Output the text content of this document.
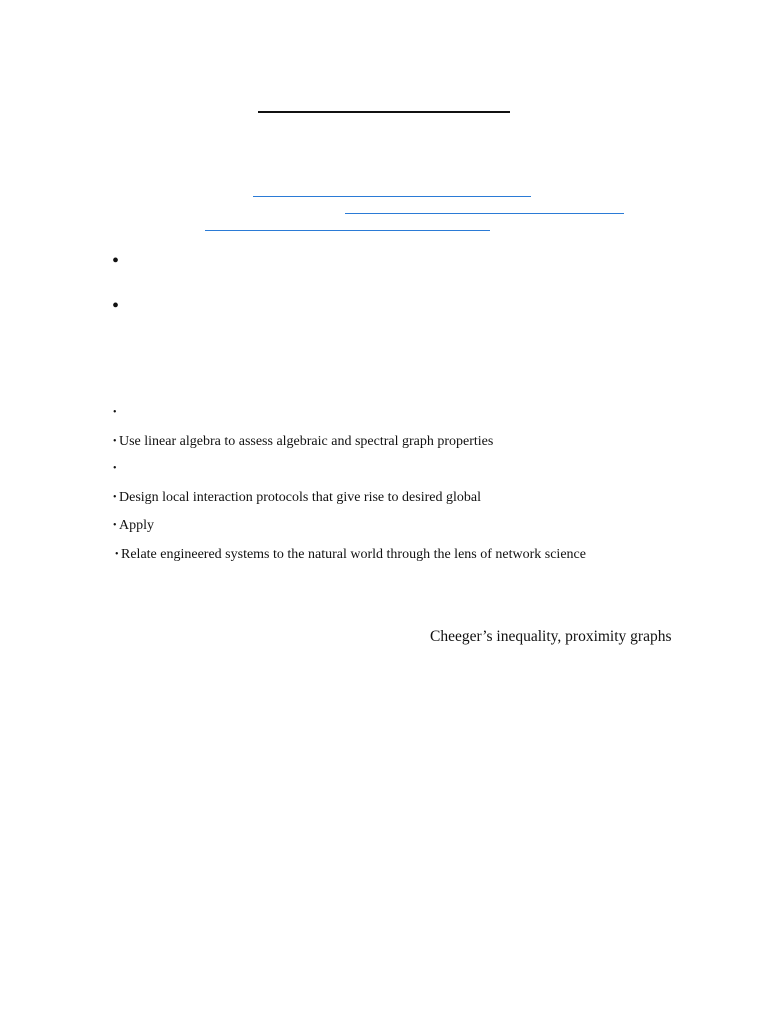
•
•
•
• Use linear algebra to assess algebraic and spectral graph properties
•
• Design local interaction protocols that give rise to desired global
• Apply
• Relate engineered systems to the natural world through the lens of network science
Cheeger’s inequality, proximity graphs
